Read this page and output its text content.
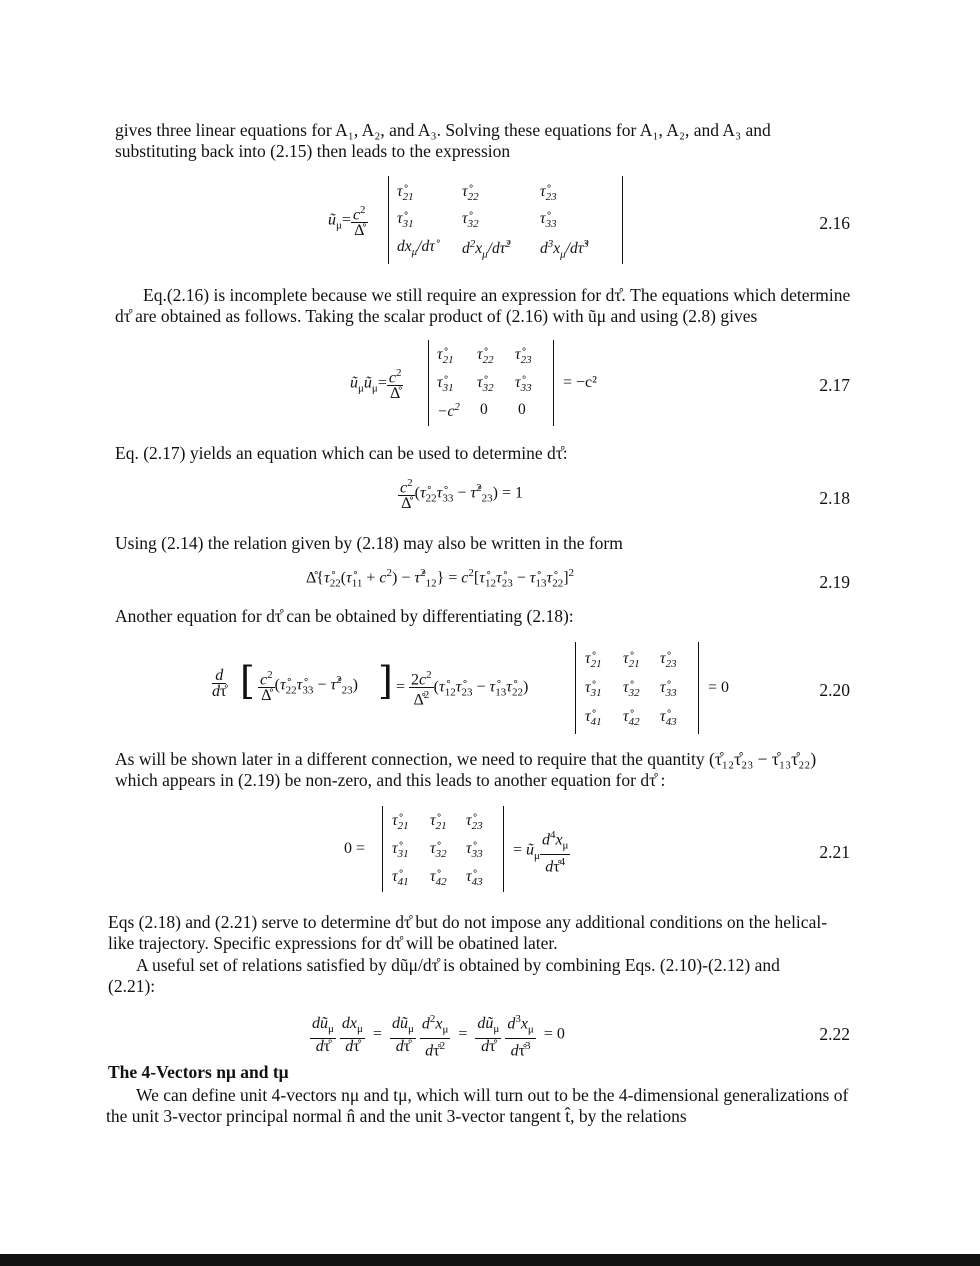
gives three linear equations for A₁, A₂, and A₃. Solving these equations for A₁, A₂, and A₃ and substituting back into (2.15) then leads to the expression
$ũ_\mu= \frac{c^2}{\Deltå}$
$\taů_{21}$	$\taů_{22}$	$\taů_{23}$
$\taů_{31}$	$\taů_{32}$	$\taů_{33}$
$dx_\mu/d\taů$ $d^2x_\mu/d\taů^2$ $d^3x_\mu/d\taů^3$
2.16
Eq.(2.16) is incomplete because we still require an expression for dτ̊. The equations which determine dτ̊ are obtained as follows. Taking the scalar product of (2.16) with ũμ and using (2.8) gives
$ũ_\mu ũ_\mu= \frac{c^2}{\Deltå}$
$\taů_{21}$ $\taů_{22}$ $\taů_{23}$
$\taů_{31}$ $\taů_{32}$ $\taů_{33}$
$-c^2$ 0 0
= −c²	2.17
Eq. (2.17) yields an equation which can be used to determine dτ̊:
$\frac{c^2}{\Deltå}$ ($\taů_{22}\taů_{33}$ − τ̊$^2_{23}$) = 1	2.18
Using (2.14) the relation given by (2.18) may also be written in the form
$\Deltå\{\taů_{22}(\taů_{11} + c^2)$ − τ̊$^2_{12}$} = $c^2[\taů_{12}\taů_{23}$ − $\taů_{13}\taů_{22}]^2$	2.19
Another equation for dτ̊ can be obtained by differentiating (2.18):
$\frac{d}{d\taů}$ [ $\frac{c^2}{\Deltå}$ ($\taů_{22}\taů_{33}$ − τ̊$^2_{23}$) ] = $\frac{2c^2}{\Deltå^2}$ ($\taů_{12}\taů_{23}$ − $\taů_{13}\taů_{22}$)
$\taů_{21}$ $\taů_{21}$ $\taů_{23}$
$\taů_{31}$ $\taů_{32}$ $\taů_{33}$
$\taů_{41}$ $\taů_{42}$ $\taů_{43}$
= 0	2.20
As will be shown later in a different connection, we need to require that the quantity (τ̊₁₂τ̊₂₃ − τ̊₁₃τ̊₂₂) which appears in (2.19) be non-zero, and this leads to another equation for dτ̊ :
0 =
$\taů_{21}$ $\taů_{21}$ $\taů_{23}$
$\taů_{31}$ $\taů_{32}$ $\taů_{33}$
$\taů_{41}$ $\taů_{42}$ $\taů_{43}$
= $ũ_\mu \frac{d^4x_\mu}{d\taů^4}$	2.21
Eqs (2.18) and (2.21) serve to determine dτ̊ but do not impose any additional conditions on the helical-like trajectory. Specific expressions for dτ̊ will be obatined later.
A useful set of relations satisfied by dũμ/dτ̊ is obtained by combining Eqs. (2.10)-(2.12) and (2.21):
$\frac{dũ_\mu}{d\taů}$
$\frac{dx_\mu}{d\taů} = \frac{dũ_\mu}{d\taů}$
$\frac{d^2x_\mu}{d\taů^2} = \frac{dũ_\mu}{d\taů}$
$\frac{d^3x_\mu}{d\taů^3} = 0$	2.22
The 4-Vectors nμ and tμ
We can define unit 4-vectors nμ and tμ, which will turn out to be the 4-dimensional generalizations of the unit 3-vector principal normal n̂ and the unit 3-vector tangent t̂, by the relations
